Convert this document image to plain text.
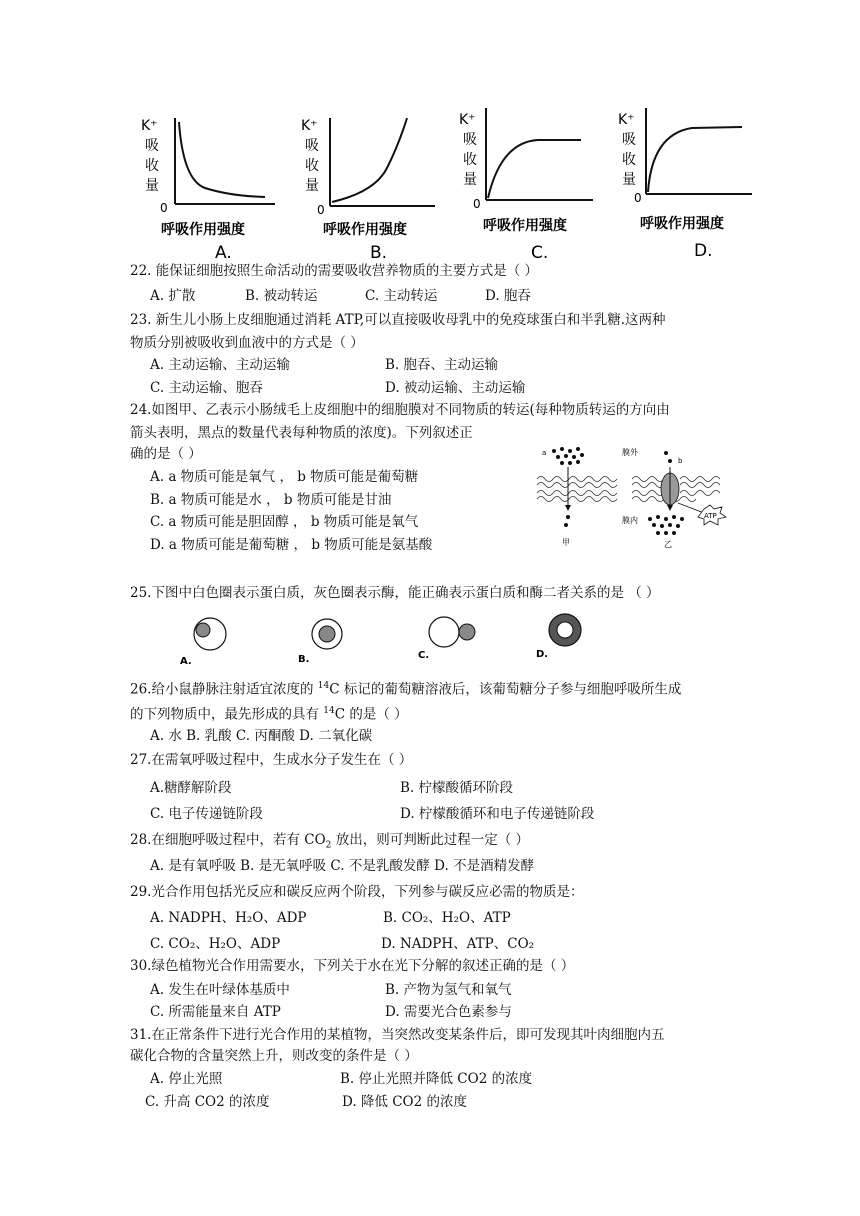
K⁺
吸
收
量
0
呼吸作用强度
A.
K⁺
吸
收
量
0
呼吸作用强度
B.
K⁺
吸
收
量
0
呼吸作用强度
C.
K⁺
吸
收
量
0
呼吸作用强度
D.
22. 能保证细胞按照生命活动的需要吸收营养物质的主要方式是（ ）
A. 扩散	B. 被动转运	C. 主动转运	D. 胞吞
23. 新生儿小肠上皮细胞通过消耗 ATP,可以直接吸收母乳中的免疫球蛋白和半乳糖.这两种
物质分别被吸收到血液中的方式是（ ）
A. 主动运输、主动运输	B. 胞吞、主动运输
C. 主动运输、胞吞	D. 被动运输、主动运输
24.如图甲、乙表示小肠绒毛上皮细胞中的细胞膜对不同物质的转运(每种物质转运的方向由
箭头表明，黑点的数量代表每种物质的浓度)。下列叙述正
确的是（ ）
A. a 物质可能是氧气 ， b 物质可能是葡萄糖
B. a 物质可能是水 ， b 物质可能是甘油
C. a 物质可能是胆固醇 ， b 物质可能是氧气
D. a 物质可能是葡萄糖 ， b 物质可能是氨基酸
a	膜外
膜内
甲
b
ATP
乙
25.下图中白色圈表示蛋白质，灰色圈表示酶，能正确表示蛋白质和酶二者关系的是 （ ）
A.	B.	C.	D.
26.给小鼠静脉注射适宜浓度的 $^{14}$C 标记的葡萄糖溶液后，该葡萄糖分子参与细胞呼吸所生成
的下列物质中，最先形成的具有 $^{14}$C 的是（ ）
A. 水 B. 乳酸 C. 丙酮酸 D. 二氧化碳
27.在需氧呼吸过程中，生成水分子发生在（ ）
A.糖酵解阶段	B. 柠檬酸循环阶段
C. 电子传递链阶段	D. 柠檬酸循环和电子传递链阶段
28.在细胞呼吸过程中，若有 $CO_2$ 放出，则可判断此过程一定（ ）
A. 是有氧呼吸 B. 是无氧呼吸 C. 不是乳酸发酵 D. 不是酒精发酵
29.光合作用包括光反应和碳反应两个阶段，下列参与碳反应必需的物质是：
A. NADPH、H₂O、ADP	B. CO₂、H₂O、ATP
C. CO₂、H₂O、ADP	D. NADPH、ATP、CO₂
30.绿色植物光合作用需要水，下列关于水在光下分解的叙述正确的是（ ）
A. 发生在叶绿体基质中	B. 产物为氢气和氧气
C. 所需能量来自 ATP	D. 需要光合色素参与
31.在正常条件下进行光合作用的某植物，当突然改变某条件后，即可发现其叶肉细胞内五
碳化合物的含量突然上升，则改变的条件是（ ）
A. 停止光照	B. 停止光照并降低 CO2 的浓度
C. 升高 CO2 的浓度	D. 降低 CO2 的浓度
